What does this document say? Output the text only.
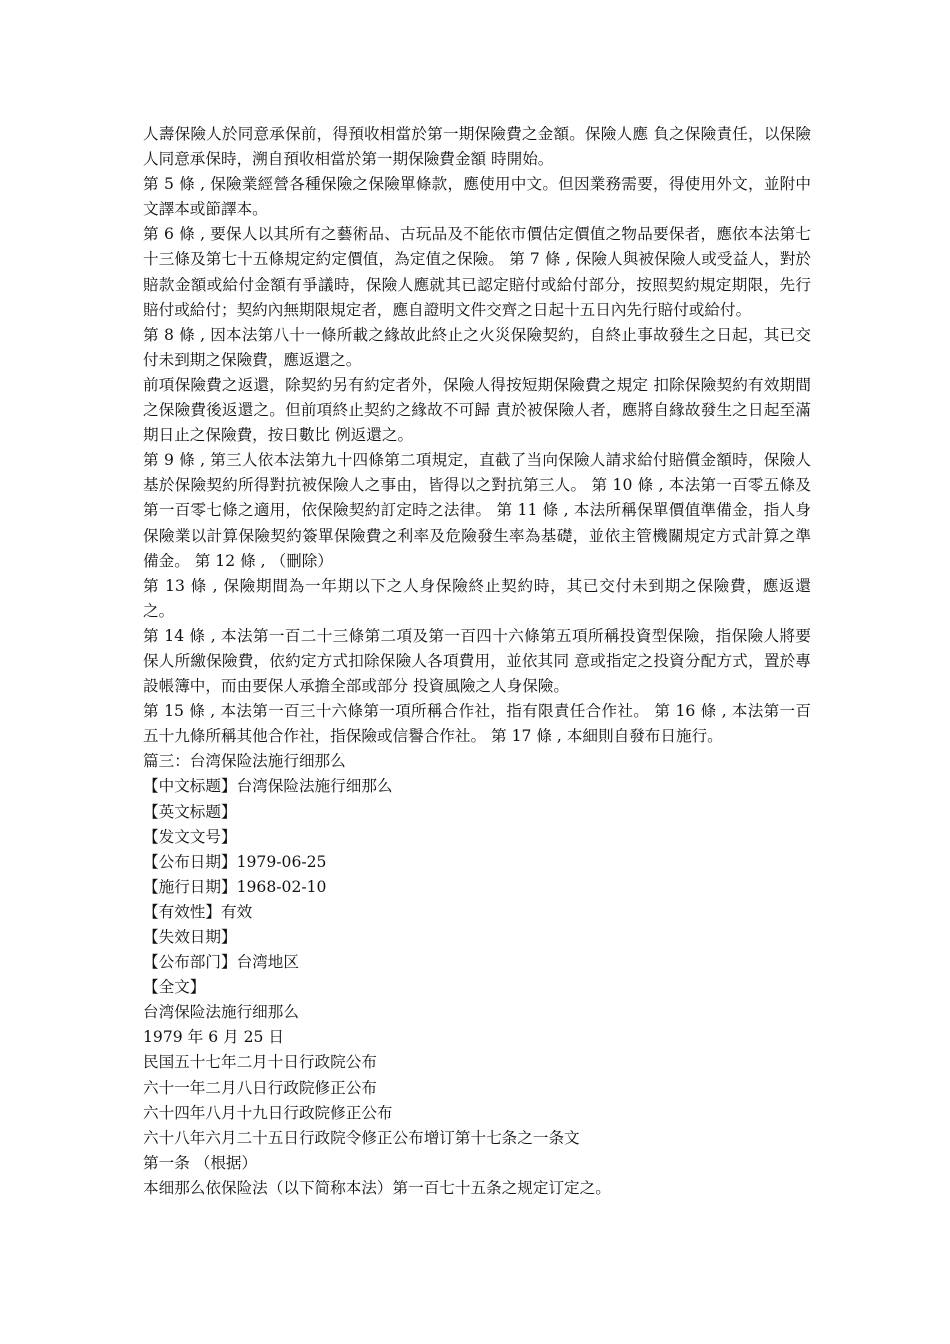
人壽保險人於同意承保前，得預收相當於第一期保險費之金額。保險人應 負之保險責任，以保險人同意承保時，溯自預收相當於第一期保險費金額 時開始。

第 5 條 , 保險業經營各種保險之保險單條款，應使用中文。但因業務需要，得使用外文，並附中文譯本或節譯本。

第 6 條 , 要保人以其所有之藝術品、古玩品及不能依市價估定價值之物品要保者，應依本法第七十三條及第七十五條規定約定價值，為定值之保險。 第 7 條 , 保險人與被保險人或受益人，對於賠款金額或給付金額有爭議時，保險人應就其已認定賠付或給付部分，按照契約規定期限，先行賠付或給付；契約內無期限規定者，應自證明文件交齊之日起十五日內先行賠付或給付。

第 8 條 , 因本法第八十一條所載之緣故此終止之火災保險契約，自終止事故發生之日起，其已交付未到期之保險費，應返還之。

前項保險費之返還，除契約另有約定者外，保險人得按短期保險費之規定 扣除保險契約有效期間之保險費後返還之。但前項終止契約之緣故不可歸 責於被保險人者，應將自緣故發生之日起至滿期日止之保險費，按日數比 例返還之。

第 9 條 , 第三人依本法第九十四條第二項規定，直截了当向保險人請求給付賠償金額時，保險人基於保險契約所得對抗被保險人之事由，皆得以之對抗第三人。 第 10 條 , 本法第一百零五條及第一百零七條之適用，依保險契約訂定時之法律。 第 11 條 , 本法所稱保單價值準備金，指人身保險業以計算保險契約簽單保險費之利率及危險發生率為基礎，並依主管機關規定方式計算之準備金。 第 12 條 , （刪除）

第 13 條 , 保險期間為一年期以下之人身保險終止契約時，其已交付未到期之保險費，應返還之。

第 14 條 , 本法第一百二十三條第二項及第一百四十六條第五項所稱投資型保險，指保險人將要保人所繳保險費，依約定方式扣除保險人各項費用，並依其同 意或指定之投資分配方式，置於專設帳簿中，而由要保人承擔全部或部分 投資風險之人身保險。

第 15 條 , 本法第一百三十六條第一項所稱合作社，指有限責任合作社。 第 16 條 , 本法第一百五十九條所稱其他合作社，指保險或信譽合作社。 第 17 條 , 本細則自發布日施行。

篇三：台湾保险法施行细那么
【中文标题】台湾保险法施行细那么
【英文标题】
【发文文号】
【公布日期】1979-06-25
【施行日期】1968-02-10
【有效性】有效
【失效日期】
【公布部门】台湾地区
【全文】
台湾保险法施行细那么
1979 年 6 月 25 日
民国五十七年二月十日行政院公布
六十一年二月八日行政院修正公布
六十四年八月十九日行政院修正公布
六十八年六月二十五日行政院令修正公布增订第十七条之一条文
第一条 （根据）
本细那么依保险法（以下简称本法）第一百七十五条之规定订定之。
